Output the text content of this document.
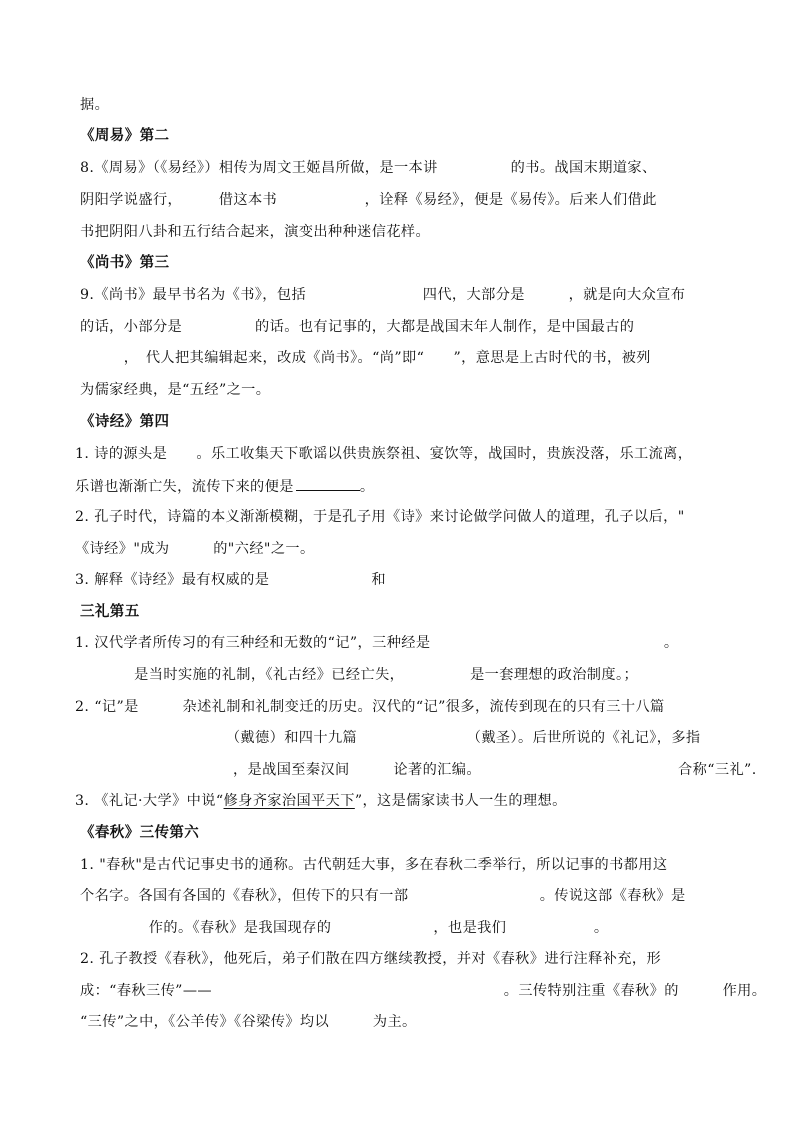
据。
《周易》第二
8.《周易》（《易经》）相传为周文王姬昌所做，是一本讲　　　　　的书。战国末期道家、
阴阳学说盛行，　　　借这本书　　　　　　，诠释《易经》，便是《易传》。后来人们借此
书把阴阳八卦和五行结合起来，演变出种种迷信花样。
《尚书》第三
9.《尚书》最早书名为《书》，包括　　　　　　　　四代，大部分是　　　，就是向大众宣布
的话，小部分是　　　　　的话。也有记事的，大都是战国末年人制作，是中国最古的
　　　，　代人把其编辑起来，改成《尚书》。“尚”即“　　”，意思是上古时代的书，被列
为儒家经典，是“五经”之一。
《诗经》第四
1. 诗的源头是　　。乐工收集天下歌谣以供贵族祭祖、宴饮等，战国时，贵族没落，乐工流离，
乐谱也渐渐亡失，流传下来的便是	。
2. 孔子时代，诗篇的本义渐渐模糊，于是孔子用《诗》来讨论做学问做人的道理，孔子以后，"
《诗经》"成为　　　的"六经"之一。
3. 解释《诗经》最有权威的是　　　　　　　和
三礼第五
1. 汉代学者所传习的有三种经和无数的“记”，三种经是　　　　　　　　　　　　　　　　。
　　是当时实施的礼制，《礼古经》已经亡失，　　　　　是一套理想的政治制度。；
2. “记”是　　　杂述礼制和礼制变迁的历史。汉代的“记”很多，流传到现在的只有三十八篇
　　　　　（戴德）和四十九篇　　　　　　　　（戴圣）。后世所说的《礼记》，多指
　　　　　，是战国至秦汉间　　　论著的汇编。　　　　　　　　　　　　　　合称“三礼”.
3. 《礼记·大学》中说“修身齐家治国平天下”，这是儒家读书人一生的理想。
《春秋》三传第六
1. "春秋"是古代记事史书的通称。古代朝廷大事，多在春秋二季举行，所以记事的书都用这
个名字。各国有各国的《春秋》，但传下的只有一部　　　　　　　　　。传说这部《春秋》是
　　　作的。《春秋》是我国现存的　　　　　　　，也是我们　　　　　　。
2. 孔子教授《春秋》，他死后，弟子们散在四方继续教授，并对《春秋》进行注释补充，形
成：“春秋三传”——　　　　　　　　　　　　　　　　　　　　。三传特别注重《春秋》的　　　作用。
“三传”之中，《公羊传》《谷梁传》均以　　　为主。
